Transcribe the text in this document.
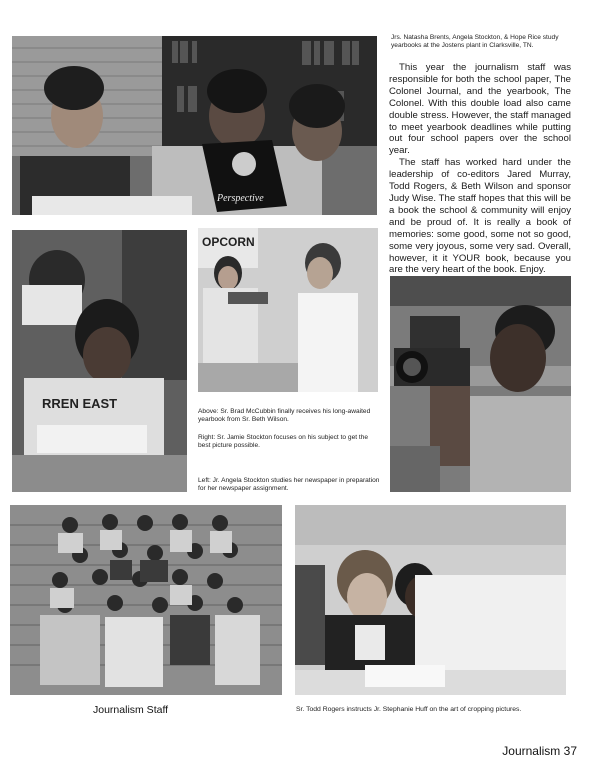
Perspective
Jrs. Natasha Brents, Angela Stockton, & Hope Rice study yearbooks at the Jostens plant in Clarksville, TN.

This year the journalism staff was responsible for both the school paper, The Colonel Journal, and the yearbook, The Colonel. With this double load also came double stress. However, the staff managed to meet yearbook deadlines while putting out four school papers over the school year.

The staff has worked hard under the leadership of co-editors Jared Murray, Todd Rogers, & Beth Wilson and sponsor Judy Wise. The staff hopes that this will be a book the school & community will enjoy and be proud of. It is really a book of memories: some good, some not so good, some very joyous, some very sad. Overall, however, it it YOUR book, because you are the very heart of the book. Enjoy.

RREN EAST
OPCORN
Above: Sr. Brad McCubbin finally receives his long-awaited yearbook from Sr. Beth Wilson.
Right: Sr. Jamie Stockton focuses on his subject to get the best picture possible.
Left: Jr. Angela Stockton studies her newspaper in preparation for her newspaper assignment.
Journalism Staff	Sr. Todd Rogers instructs Jr. Stephanie Huff on the art of cropping pictures.
Journalism 37
